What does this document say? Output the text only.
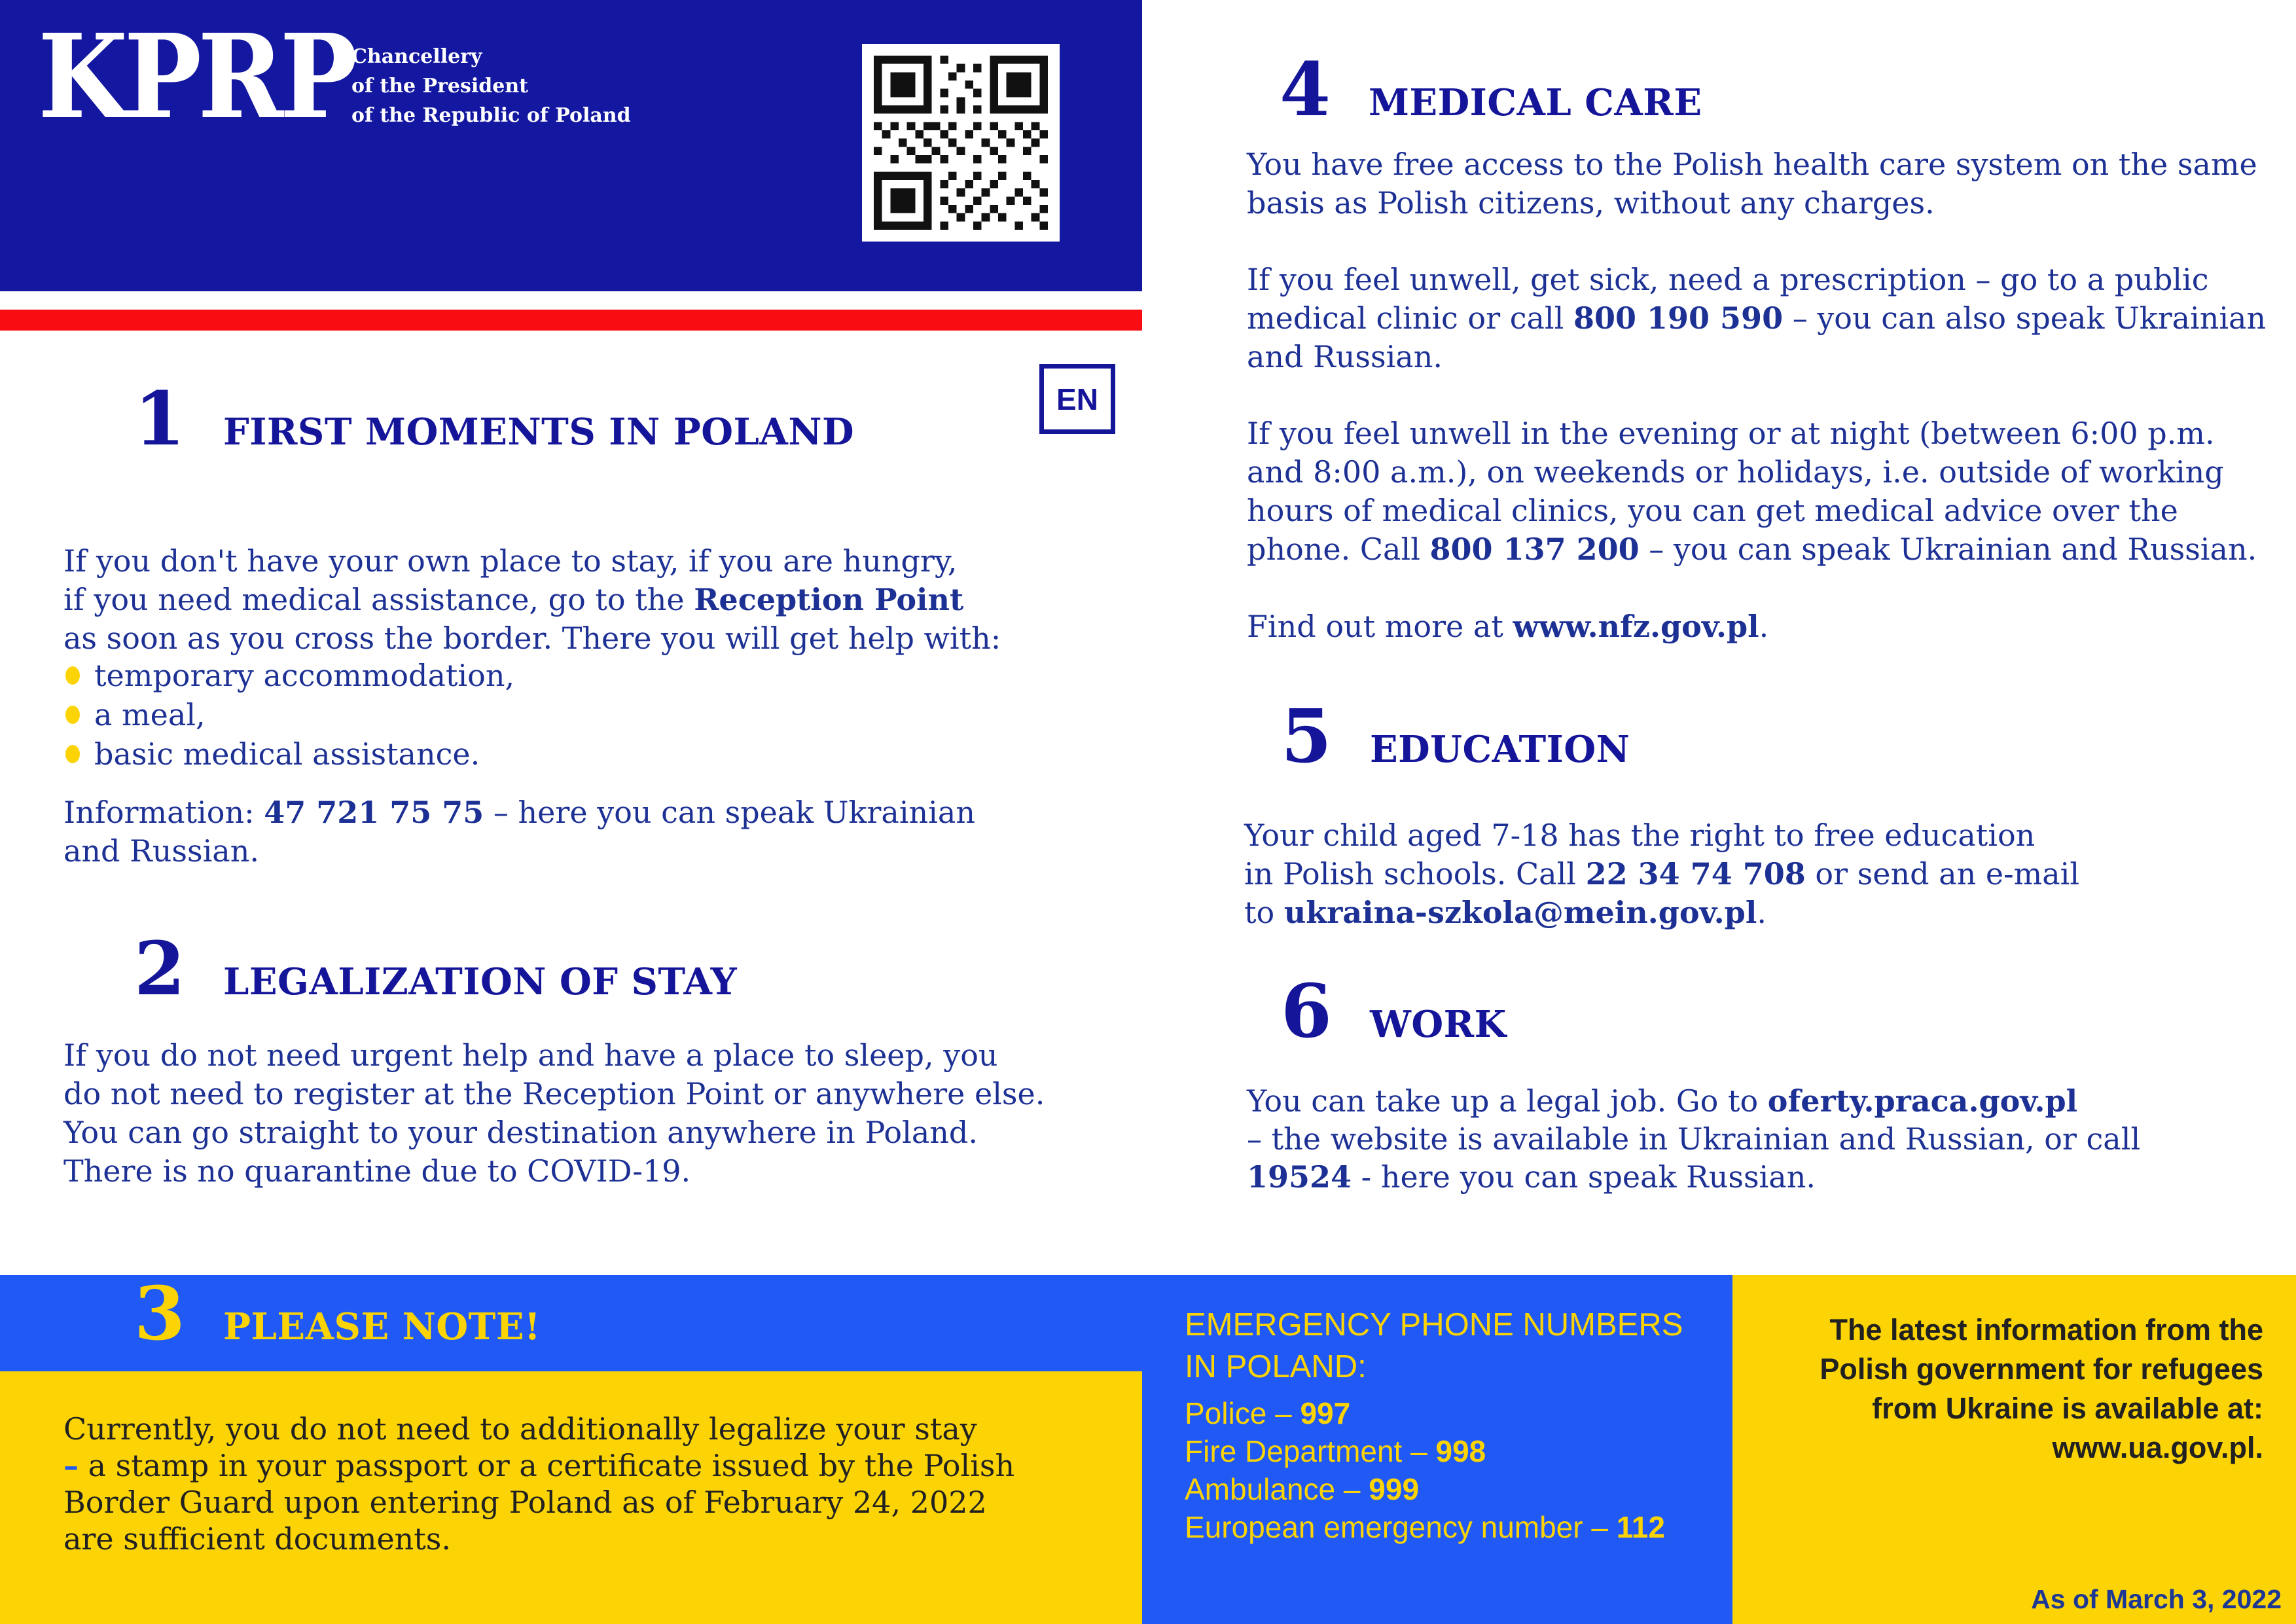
KPRP
Chancellery
of the President
of the Republic of Poland
EN
1 FIRST MOMENTS IN POLAND
If you don't have your own place to stay, if you are hungry,
if you need medical assistance, go to the Reception Point
as soon as you cross the border. There you will get help with:
temporary accommodation,
a meal,
basic medical assistance.
Information: 47 721 75 75 – here you can speak Ukrainian
and Russian.
2 LEGALIZATION OF STAY
If you do not need urgent help and have a place to sleep, you
do not need to register at the Reception Point or anywhere else.
You can go straight to your destination anywhere in Poland.
There is no quarantine due to COVID-19.
4 MEDICAL CARE
You have free access to the Polish health care system on the same
basis as Polish citizens, without any charges.
If you feel unwell, get sick, need a prescription – go to a public
medical clinic or call 800 190 590 – you can also speak Ukrainian
and Russian.
If you feel unwell in the evening or at night (between 6:00 p.m.
and 8:00 a.m.), on weekends or holidays, i.e. outside of working
hours of medical clinics, you can get medical advice over the
phone. Call 800 137 200 – you can speak Ukrainian and Russian.
Find out more at www.nfz.gov.pl.
5 EDUCATION
Your child aged 7-18 has the right to free education
in Polish schools. Call 22 34 74 708 or send an e-mail
to ukraina-szkola@mein.gov.pl.
6 WORK
You can take up a legal job. Go to oferty.praca.gov.pl
– the website is available in Ukrainian and Russian, or call
19524 - here you can speak Russian.
3 PLEASE NOTE!
Currently, you do not need to additionally legalize your stay
– a stamp in your passport or a certificate issued by the Polish
Border Guard upon entering Poland as of February 24, 2022
are sufficient documents.
EMERGENCY PHONE NUMBERS
IN POLAND:
Police – 997
Fire Department – 998
Ambulance – 999
European emergency number – 112
The latest information from the
Polish government for refugees
from Ukraine is available at:
www.ua.gov.pl.
As of March 3, 2022
